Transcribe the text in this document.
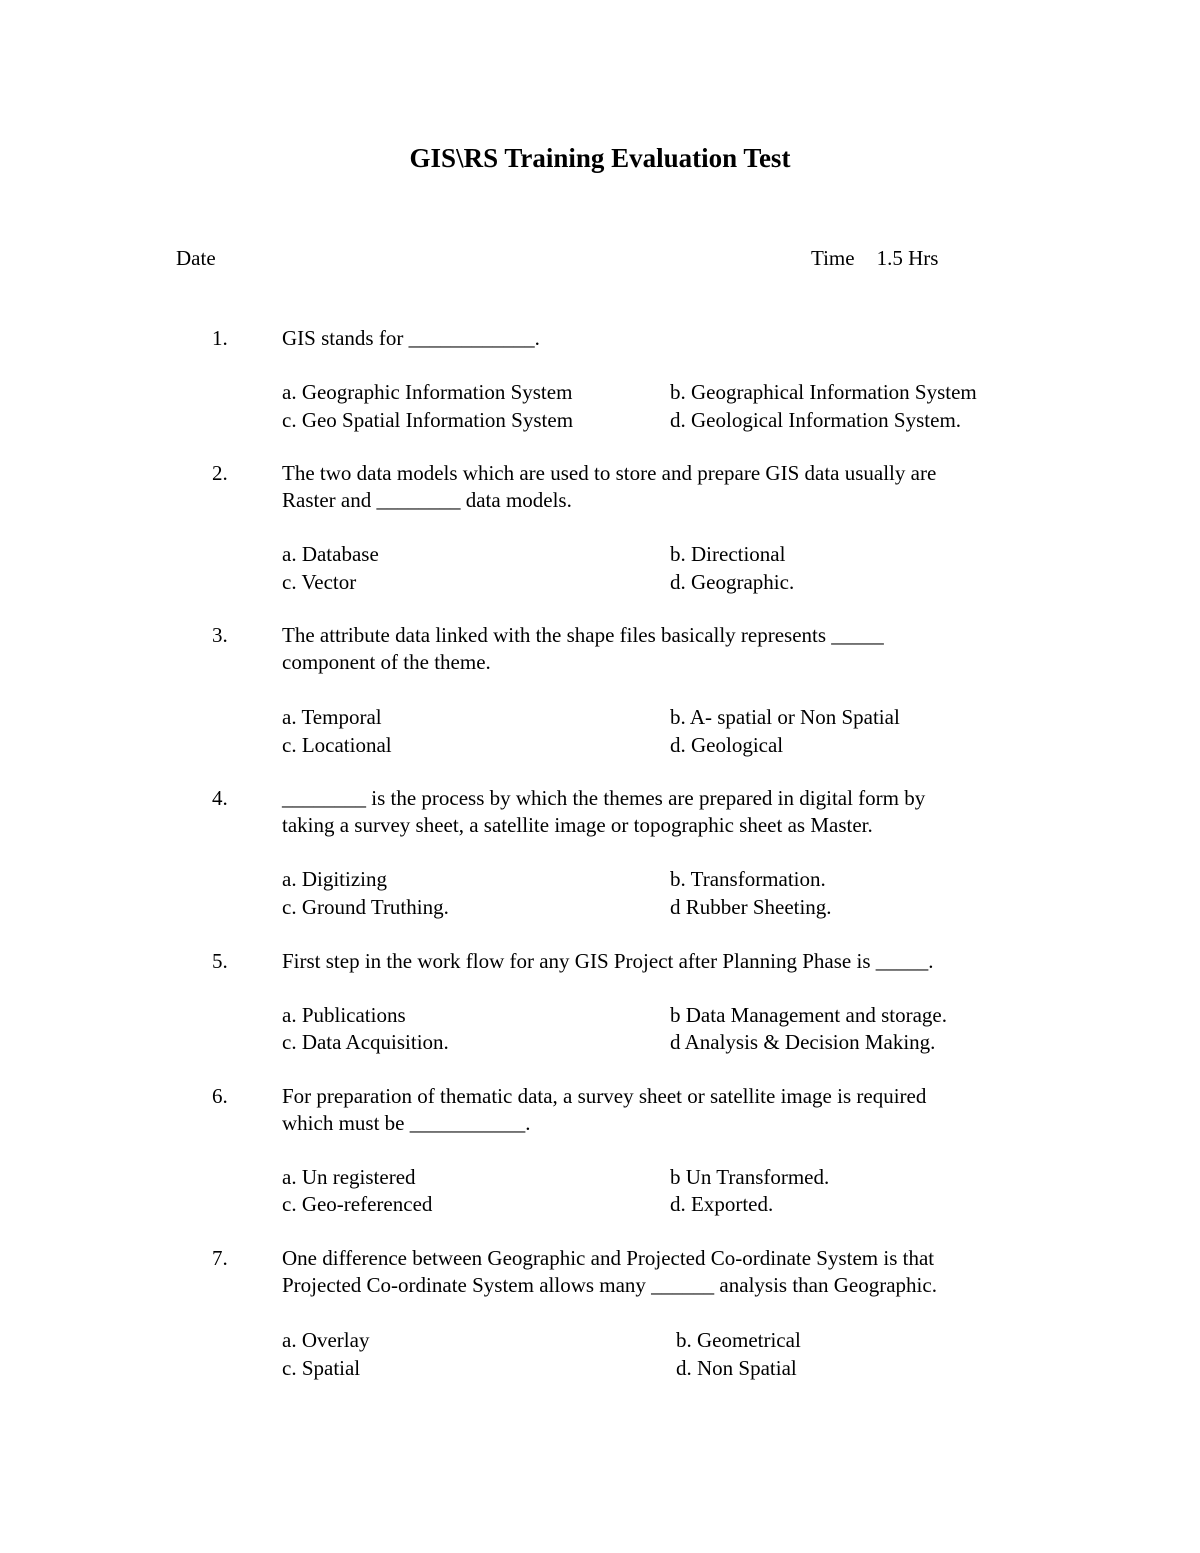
GIS\RS Training Evaluation Test
Date	Time 1.5 Hrs
1.	GIS stands for ____________.
a. Geographic Information System	b. Geographical Information System
c. Geo Spatial Information System	d. Geological Information System.
2.	The two data models which are used to store and prepare GIS data usually are
Raster and ________ data models.
a. Database	b. Directional
c. Vector	d. Geographic.
3.	The attribute data linked with the shape files basically represents _____
component of the theme.
a. Temporal	b. A- spatial or Non Spatial
c. Locational	d. Geological
4.	________ is the process by which the themes are prepared in digital form by
taking a survey sheet, a satellite image or topographic sheet as Master.
a. Digitizing	b. Transformation.
c. Ground Truthing.	d Rubber Sheeting.
5.	First step in the work flow for any GIS Project after Planning Phase is _____.
a. Publications	b Data Management and storage.
c. Data Acquisition.	d Analysis & Decision Making.
6.	For preparation of thematic data, a survey sheet or satellite image is required
which must be ___________.
a. Un registered	b Un Transformed.
c. Geo-referenced	d. Exported.
7.	One difference between Geographic and Projected Co-ordinate System is that
Projected Co-ordinate System allows many ______ analysis than Geographic.
a. Overlay	b. Geometrical
c. Spatial	d. Non Spatial
